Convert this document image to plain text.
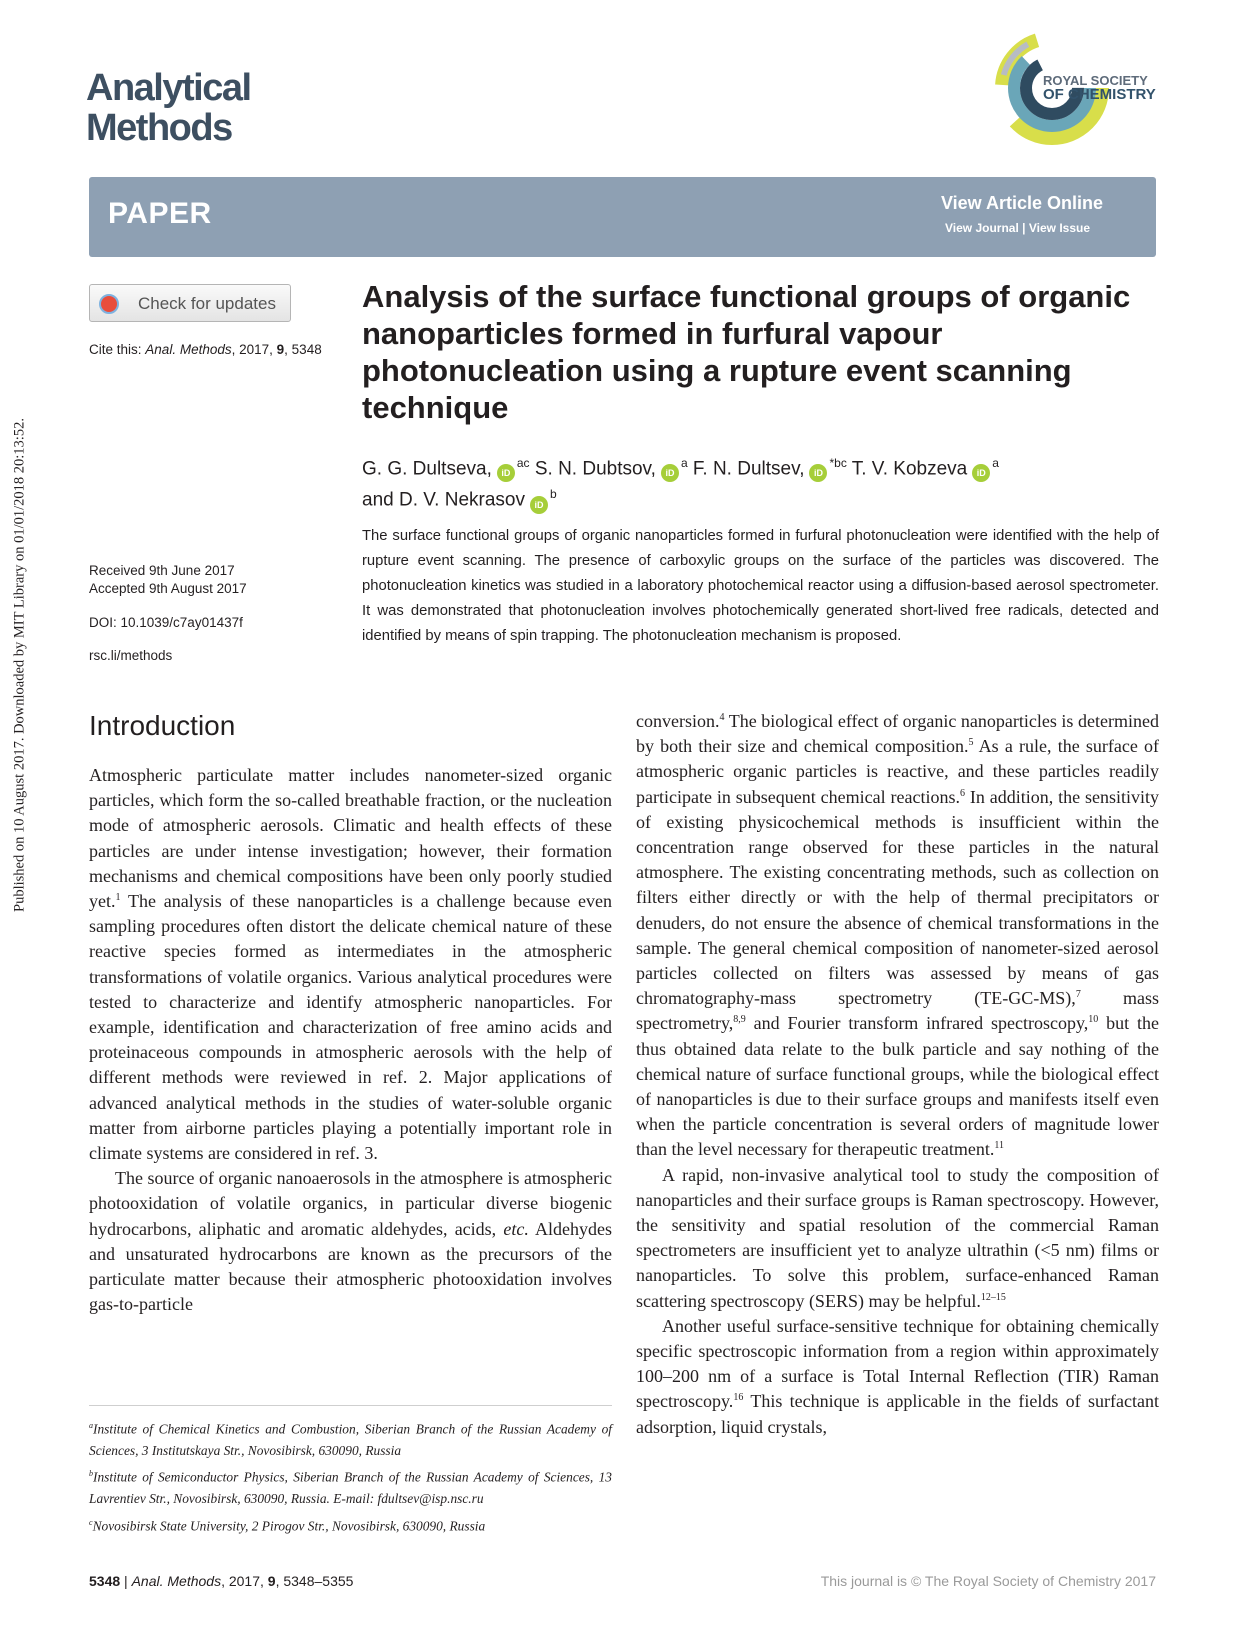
Published on 10 August 2017. Downloaded by MIT Library on 01/01/2018 20:13:52.
Analytical
Methods
ROYAL SOCIETY
OF CHEMISTRY
PAPER	View Article Online
View Journal | View Issue
Check for updates
Cite this: Anal. Methods, 2017, 9, 5348
Received 9th June 2017
Accepted 9th August 2017
DOI: 10.1039/c7ay01437f
rsc.li/methods
Analysis of the surface functional groups of organic nanoparticles formed in furfural vapour photonucleation using a rupture event scanning technique
G. G. Dultseva, $iD^{ac}$ S. N. Dubtsov, $iD^a$ F. N. Dultsev, $iD^{*bc}$ T. V. Kobzeva $iD^a$
and D. V. Nekrasov $iD^b$
The surface functional groups of organic nanoparticles formed in furfural photonucleation were identified with the help of rupture event scanning. The presence of carboxylic groups on the surface of the particles was discovered. The photonucleation kinetics was studied in a laboratory photochemical reactor using a diffusion-based aerosol spectrometer. It was demonstrated that photonucleation involves photochemically generated short-lived free radicals, detected and identified by means of spin trapping. The photonucleation mechanism is proposed.
Introduction

Atmospheric particulate matter includes nanometer-sized organic particles, which form the so-called breathable fraction, or the nucleation mode of atmospheric aerosols. Climatic and health effects of these particles are under intense investigation; however, their formation mechanisms and chemical compositions have been only poorly studied yet.$^1$ The analysis of these nanoparticles is a challenge because even sampling procedures often distort the delicate chemical nature of these reactive species formed as intermediates in the atmospheric transformations of volatile organics. Various analytical procedures were tested to characterize and identify atmospheric nanoparticles. For example, identification and characterization of free amino acids and proteinaceous compounds in atmospheric aerosols with the help of different methods were reviewed in ref. 2. Major applications of advanced analytical methods in the studies of water-soluble organic matter from airborne particles playing a potentially important role in climate systems are considered in ref. 3.

The source of organic nanoaerosols in the atmosphere is atmospheric photooxidation of volatile organics, in particular diverse biogenic hydrocarbons, aliphatic and aromatic aldehydes, acids, etc. Aldehydes and unsaturated hydrocarbons are known as the precursors of the particulate matter because their atmospheric photooxidation involves gas-to-particle

conversion.$^4$ The biological effect of organic nanoparticles is determined by both their size and chemical composition.$^5$ As a rule, the surface of atmospheric organic particles is reactive, and these particles readily participate in subsequent chemical reactions.$^6$ In addition, the sensitivity of existing physicochemical methods is insufficient within the concentration range observed for these particles in the natural atmosphere. The existing concentrating methods, such as collection on filters either directly or with the help of thermal precipitators or denuders, do not ensure the absence of chemical transformations in the sample. The general chemical composition of nanometer-sized aerosol particles collected on filters was assessed by means of gas chromatography-mass spectrometry (TE-GC-MS),$^7$ mass spectrometry,$^{8,9}$ and Fourier transform infrared spectroscopy,$^{10}$ but the thus obtained data relate to the bulk particle and say nothing of the chemical nature of surface functional groups, while the biological effect of nanoparticles is due to their surface groups and manifests itself even when the particle concentration is several orders of magnitude lower than the level necessary for therapeutic treatment.$^{11}$

A rapid, non-invasive analytical tool to study the composition of nanoparticles and their surface groups is Raman spectroscopy. However, the sensitivity and spatial resolution of the commercial Raman spectrometers are insufficient yet to analyze ultrathin (<5 nm) films or nanoparticles. To solve this problem, surface-enhanced Raman scattering spectroscopy (SERS) may be helpful.$^{12-15}$

Another useful surface-sensitive technique for obtaining chemically specific spectroscopic information from a region within approximately 100–200 nm of a surface is Total Internal Reflection (TIR) Raman spectroscopy.$^{16}$ This technique is applicable in the fields of surfactant adsorption, liquid crystals,

$^a$Institute of Chemical Kinetics and Combustion, Siberian Branch of the Russian Academy of Sciences, 3 Institutskaya Str., Novosibirsk, 630090, Russia

$^b$Institute of Semiconductor Physics, Siberian Branch of the Russian Academy of Sciences, 13 Lavrentiev Str., Novosibirsk, 630090, Russia. E-mail: fdultsev@isp.nsc.ru

$^c$Novosibirsk State University, 2 Pirogov Str., Novosibirsk, 630090, Russia

5348 | Anal. Methods, 2017, 9, 5348–5355	This journal is © The Royal Society of Chemistry 2017
